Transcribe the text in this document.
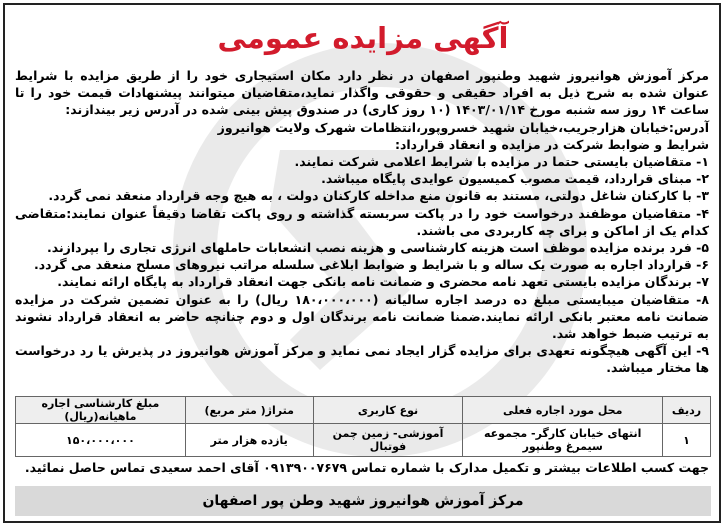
آگهی مزایده عمومی

مرکز آموزش هوانیروز شهید وطنپور اصفهان در نظر دارد مکان استیجاری خود را از طریق مزایده با شرایط عنوان شده به شرح ذیل به افراد حقیقی و حقوقی واگذار نماید،متقاضیان میتوانند پیشنهادات قیمت خود را تا ساعت ۱۴ روز سه شنبه مورخ ۱۴۰۳/۰۱/۱۴ (۱۰ روز کاری) در صندوق پیش بینی شده در آدرس زیر بیندازند:

آدرس:خیابان هزارجریب،خیابان شهید خسروپور،انتظامات شهرک ولایت هوانیروز

شرایط و ضوابط شرکت در مزایده و انعقاد قرارداد:

۱- متقاضیان بایستی حتما در مزایده با شرایط اعلامی شرکت نمایند.

۲- مبنای قرارداد، قیمت مصوب کمیسیون عوایدی پایگاه میباشد.

۳- با کارکنان شاغل دولتی، مستند به قانون منع مداخله کارکنان دولت ، به هیچ وجه قرارداد منعقد نمی گردد.

۴- متقاضیان موظفند درخواست خود را در پاکت سربسته گذاشته و روی پاکت تقاضا دقیقاً عنوان نمایند:متقاضی کدام یک از اماکن و برای چه کاربردی می باشند.

۵- فرد برنده مزایده موظف است هزینه کارشناسی و هزینه نصب انشعابات حاملهای انرژی تجاری را بپردازند.

۶- قرارداد اجاره به صورت یک ساله و با شرایط و ضوابط ابلاغی سلسله مراتب نیروهای مسلح منعقد می گردد.

۷- برندگان مزایده بایستی تعهد نامه محضری و ضمانت نامه بانکی جهت انعقاد قرارداد به پایگاه ارائه نمایند.

۸- متقاضیان میبایستی مبلغ ده درصد اجاره سالیانه (۱۸۰،۰۰۰،۰۰۰ ریال) را به عنوان تضمین شرکت در مزایده ضمانت نامه معتبر بانکی ارائه نمایند.ضمنا ضمانت نامه برندگان اول و دوم چنانچه حاضر به انعقاد قرارداد نشوند به ترتیب ضبط خواهد شد.

۹- این آگهی هیچگونه تعهدی برای مزایده گزار ایجاد نمی نماید و مرکز آموزش هوانیروز در پذیرش یا رد درخواست ها مختار میباشد.

ردیف	محل مورد اجاره فعلی	نوع کاربری	متراژ( متر مربع)	مبلغ کارشناسی اجاره ماهیانه(ریال)
۱	انتهای خیابان کارگر- مجموعه سیمرغ وطنپور	آموزشی- زمین چمن فوتبال	یازده هزار متر	۱۵۰،۰۰۰،۰۰۰
جهت کسب اطلاعات بیشتر و تکمیل مدارک با شماره تماس ۰۹۱۳۹۰۰۷۶۷۹ آقای احمد سعیدی تماس حاصل نمائید.
مرکز آموزش هوانیروز شهید وطن پور اصفهان
